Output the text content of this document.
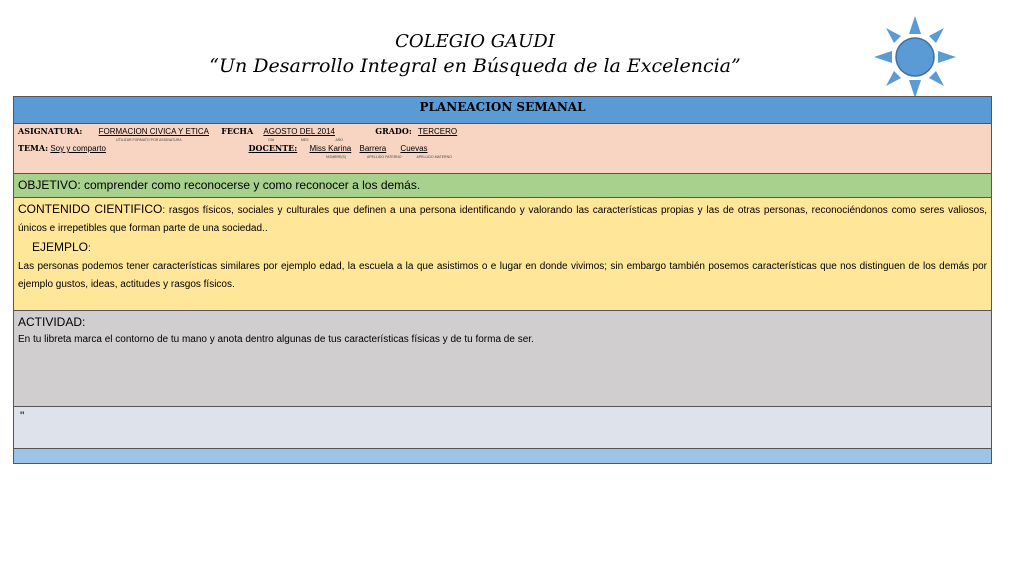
COLEGIO GAUDI
“Un Desarrollo Integral en Búsqueda de la Excelencia”
PLANEACION SEMANAL
ASIGNATURA: FORMACION CIVICA Y ETICA FECHA AGOSTO DEL 2014	GRADO: TERCERO
UTILIZAR FORMATO POR ASIGNATURA	DIA	MES	AÑO
TEMA: Soy y comparto	DOCENTE: Miss Karina Barrera Cuevas
NOMBRE(S)	APELLIDO PATERNO	APELLIDO MATERNO
OBJETIVO: comprender como reconocerse y como reconocer a los demás.
CONTENIDO CIENTIFICO: rasgos físicos, sociales y culturales que definen a una persona identificando y valorando las características propias y las de otras personas, reconociéndonos como seres valiosos, únicos e irrepetibles que forman parte de una sociedad..
EJEMPLO:
Las personas podemos tener características similares por ejemplo edad, la escuela a la que asistimos o e lugar en donde vivimos; sin embargo también posemos características que nos distinguen de los demás por ejemplo gustos, ideas, actitudes y rasgos físicos.
ACTIVIDAD:
En tu libreta marca el contorno de tu mano y anota dentro algunas de tus características físicas y de tu forma de ser.
"
